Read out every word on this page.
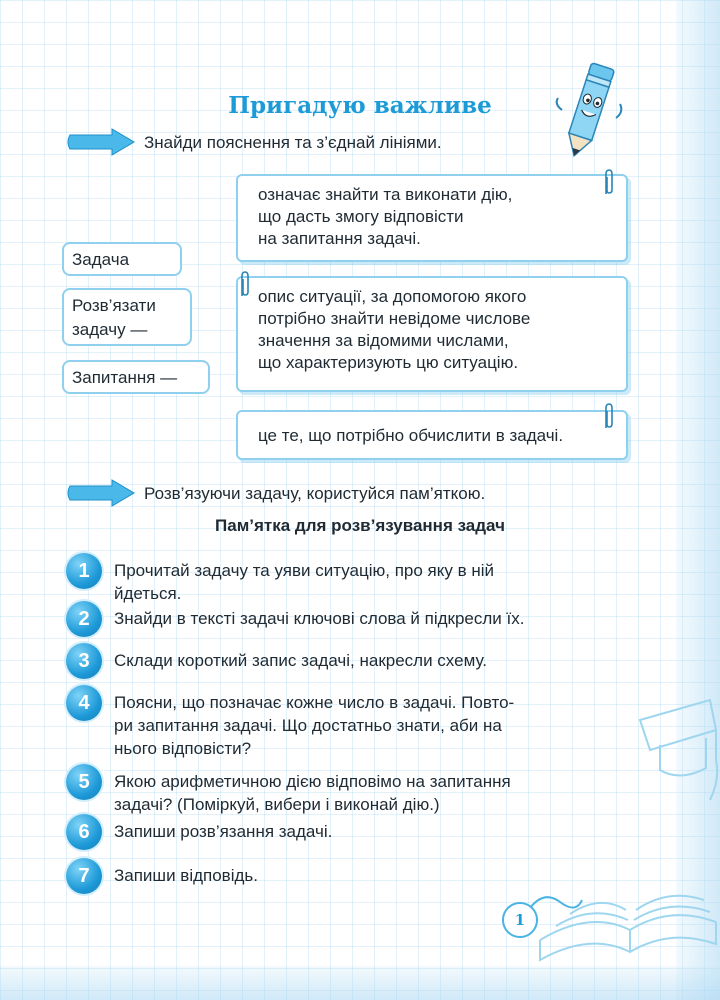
Пригадую важливе
Знайди пояснення та з’єднай лініями.
означає знайти та виконати дію,
що дасть змогу відповісти
на запитання задачі.
опис ситуації, за допомогою якого
потрібно знайти невідоме числове
значення за відомими числами,
що характеризують цю ситуацію.
це те, що потрібно обчислити в задачі.
Задача
Розв’язати
задачу —
Запитання —
Розв’язуючи задачу, користуйся пам’яткою.
Пам’ятка для розв’язування задач
1	Прочитай задачу та уяви ситуацію, про яку в ній
йдеться.
2	Знайди в тексті задачі ключові слова й підкресли їх.
3	Склади короткий запис задачі, накресли схему.
4	Поясни, що позначає кожне число в задачі. Повто-
ри запитання задачі. Що достатньо знати, аби на
нього відповісти?
5	Якою арифметичною дією відповімо на запитання
задачі? (Поміркуй, вибери і виконай дію.)
6	Запиши розв’язання задачі.
7	Запиши відповідь.
1
